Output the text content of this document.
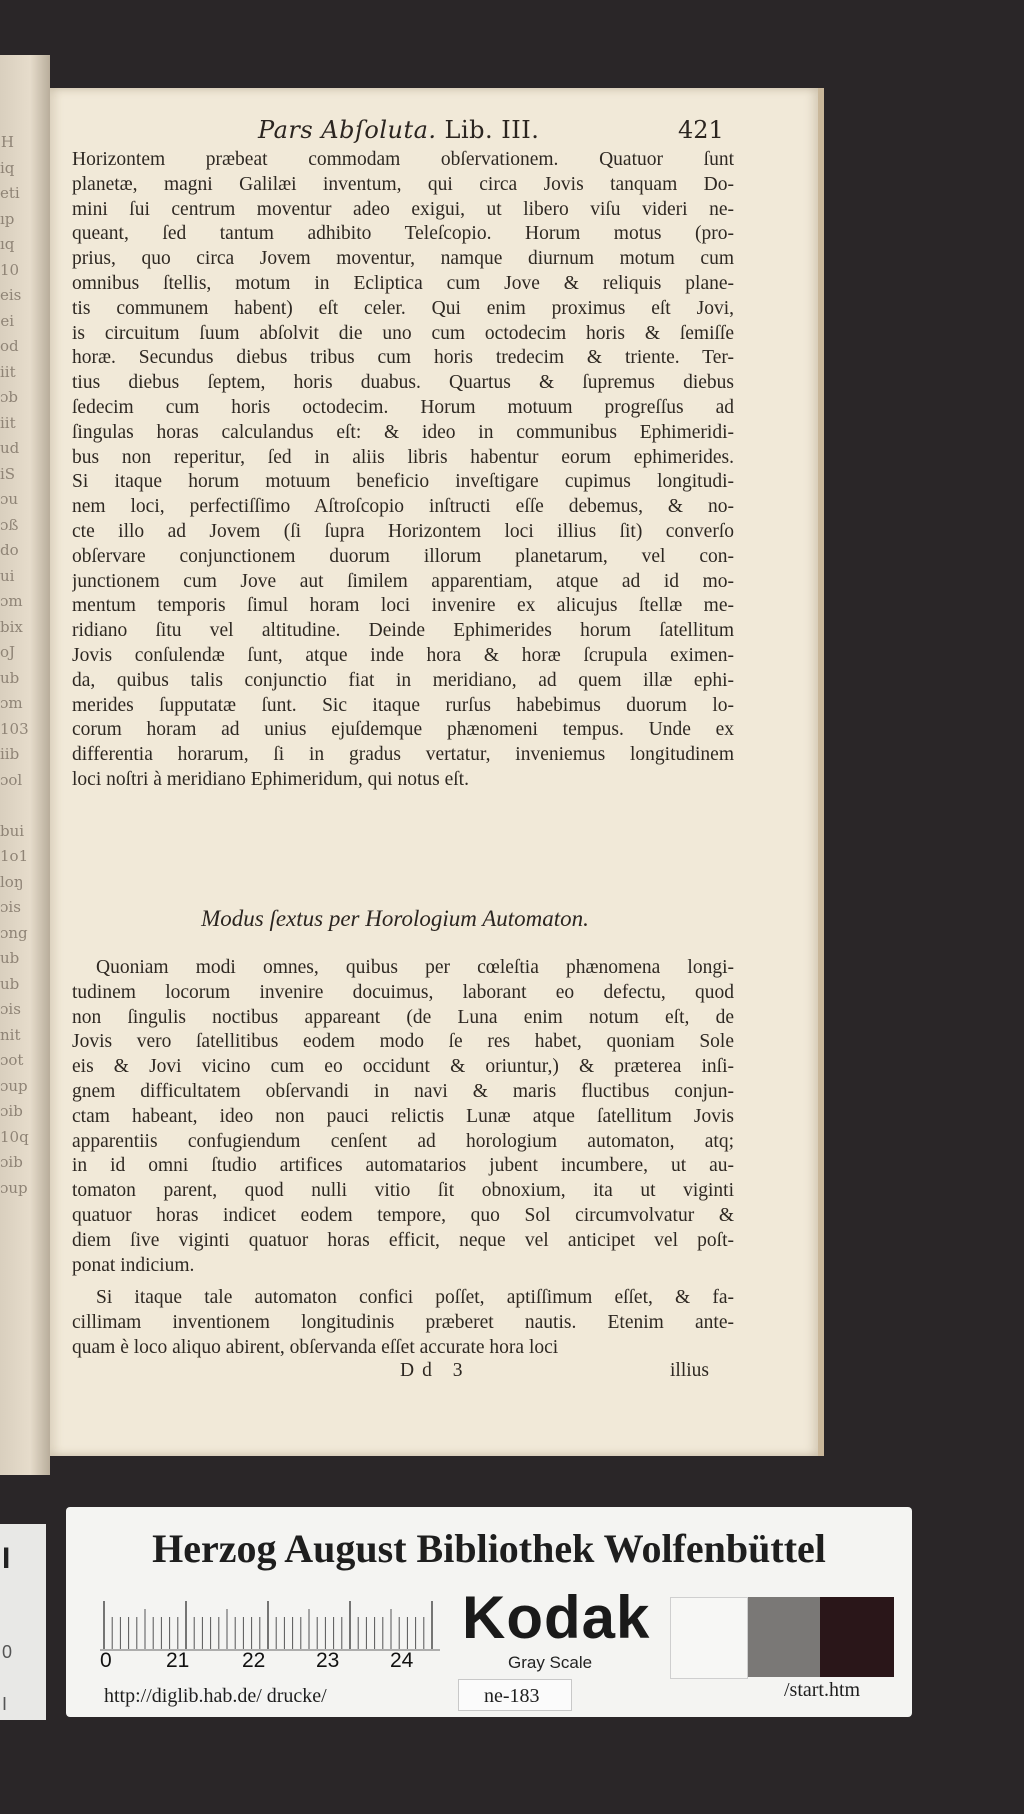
H
iq
eti
ıp
ıq
10
eis
ei
od
iit
ɔb
iit
ud
iS
ɔu
ɔß
do
ui
ɔm
bix
oJ
ub
ɔm
103
iib
ɔol
bui
1o1
loŋ
ɔis
ɔng
ub
ub
ɔis
nit
ɔot
ɔup
ɔib
10q
ɔib
ɔup
Pars Abſoluta. Lib. III.	421
Horizontem præbeat commodam obſervationem. Quatuor ſunt
planetæ, magni Galilæi inventum, qui circa Jovis tanquam Do-
mini ſui centrum moventur adeo exigui, ut libero viſu videri ne-
queant, ſed tantum adhibito Teleſcopio. Horum motus (pro-
prius, quo circa Jovem moventur, namque diurnum motum cum
omnibus ſtellis, motum in Ecliptica cum Jove & reliquis plane-
tis communem habent) eſt celer. Qui enim proximus eſt Jovi,
is circuitum ſuum abſolvit die uno cum octodecim horis & ſemiſſe
horæ. Secundus diebus tribus cum horis tredecim & triente. Ter-
tius diebus ſeptem, horis duabus. Quartus & ſupremus diebus
ſedecim cum horis octodecim. Horum motuum progreſſus ad
ſingulas horas calculandus eſt: & ideo in communibus Ephimeridi-
bus non reperitur, ſed in aliis libris habentur eorum ephimerides.
Si itaque horum motuum beneficio inveſtigare cupimus longitudi-
nem loci, perfectiſſimo Aſtroſcopio inſtructi eſſe debemus, & no-
cte illo ad Jovem (ſi ſupra Horizontem loci illius ſit) converſo
obſervare conjunctionem duorum illorum planetarum, vel con-
junctionem cum Jove aut ſimilem apparentiam, atque ad id mo-
mentum temporis ſimul horam loci invenire ex alicujus ſtellæ me-
ridiano ſitu vel altitudine. Deinde Ephimerides horum ſatellitum
Jovis conſulendæ ſunt, atque inde hora & horæ ſcrupula eximen-
da, quibus talis conjunctio fiat in meridiano, ad quem illæ ephi-
merides ſupputatæ ſunt. Sic itaque rurſus habebimus duorum lo-
corum horam ad unius ejuſdemque phænomeni tempus. Unde ex
differentia horarum, ſi in gradus vertatur, inveniemus longitudinem
loci noſtri à meridiano Ephimeridum, qui notus eſt.
Modus ſextus per Horologium Automaton.
Quoniam modi omnes, quibus per cœleſtia phænomena longi-
tudinem locorum invenire docuimus, laborant eo defectu, quod
non ſingulis noctibus appareant (de Luna enim notum eſt, de
Jovis vero ſatellitibus eodem modo ſe res habet, quoniam Sole
eis & Jovi vicino cum eo occidunt & oriuntur,) & præterea inſi-
gnem difficultatem obſervandi in navi & maris fluctibus conjun-
ctam habeant, ideo non pauci relictis Lunæ atque ſatellitum Jovis
apparentiis confugiendum cenſent ad horologium automaton, atq;
in id omni ſtudio artifices automatarios jubent incumbere, ut au-
tomaton parent, quod nulli vitio ſit obnoxium, ita ut viginti
quatuor horas indicet eodem tempore, quo Sol circumvolvatur &
diem ſive viginti quatuor horas efficit, neque vel anticipet vel poſt-
ponat indicium.
Si itaque tale automaton confici poſſet, aptiſſimum eſſet, & fa-
cillimam inventionem longitudinis præberet nautis. Etenim ante-
quam è loco aliquo abirent, obſervanda eſſet accurate hora loci
Dd 3	illius
I
0
I
Herzog August Bibliothek Wolfenbüttel
0	21	22 23 24
Kodak
Gray Scale
http://diglib.hab.de/ drucke/	ne-183	/start.htm
